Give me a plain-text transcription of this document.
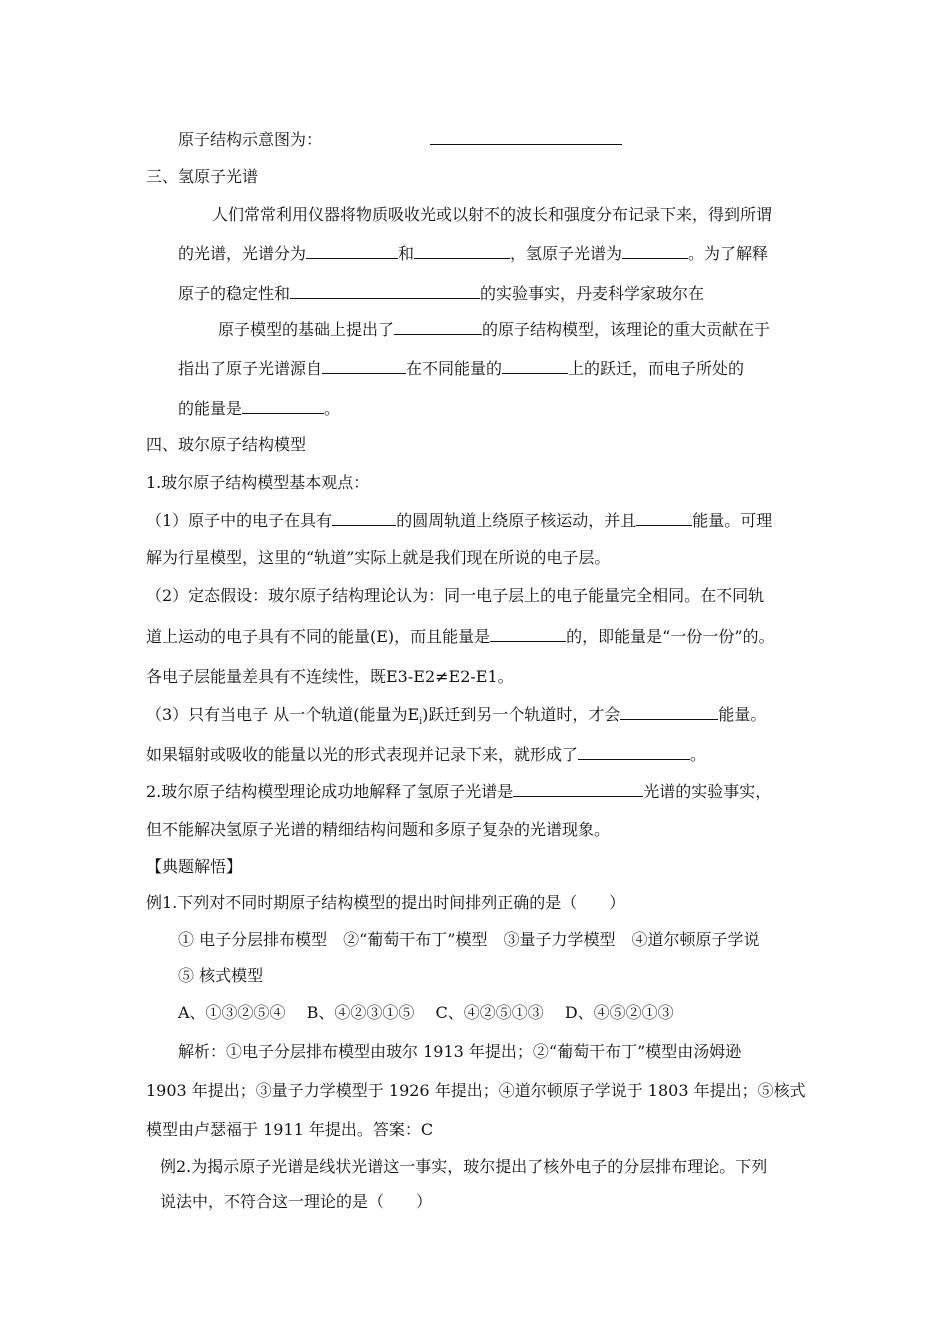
原子结构示意图为：
三、氢原子光谱
人们常常利用仪器将物质吸收光或以射不的波长和强度分布记录下来，得到所谓
的光谱，光谱分为	和	，氢原子光谱为	。为了解释
原子的稳定性和	的实验事实，丹麦科学家玻尔在
原子模型的基础上提出了	的原子结构模型，该理论的重大贡献在于
指出了原子光谱源自	在不同能量的	上的跃迁，而电子所处的
的能量是	。
四、玻尔原子结构模型
1.玻尔原子结构模型基本观点：
（1）原子中的电子在具有	的圆周轨道上绕原子核运动，并且	能量。可理
解为行星模型，这里的“轨道”实际上就是我们现在所说的电子层。
（2）定态假设：玻尔原子结构理论认为：同一电子层上的电子能量完全相同。在不同轨
道上运动的电子具有不同的能量(E)，而且能量是	的，即能量是“一份一份”的。
各电子层能量差具有不连续性，既E3-E2≠E2-E1。
（3）只有当电子 从一个轨道(能量为$E_i$)跃迁到另一个轨道时，才会	能量。
如果辐射或吸收的能量以光的形式表现并记录下来，就形成了	。
2.玻尔原子结构模型理论成功地解释了氢原子光谱是	光谱的实验事实，
但不能解决氢原子光谱的精细结构问题和多原子复杂的光谱现象。
【典题解悟】
例1.下列对不同时期原子结构模型的提出时间排列正确的是（　　）
① 电子分层排布模型　②“葡萄干布丁”模型　③量子力学模型　④道尔顿原子学说
⑤ 核式模型
A、①③②⑤④　 B、④②③①⑤　 C、④②⑤①③　 D、④⑤②①③
解析：①电子分层排布模型由玻尔 1913 年提出；②“葡萄干布丁”模型由汤姆逊
1903 年提出；③量子力学模型于 1926 年提出；④道尔顿原子学说于 1803 年提出；⑤核式
模型由卢瑟福于 1911 年提出。答案：C
例2.为揭示原子光谱是线状光谱这一事实，玻尔提出了核外电子的分层排布理论。下列
说法中，不符合这一理论的是（　　）
